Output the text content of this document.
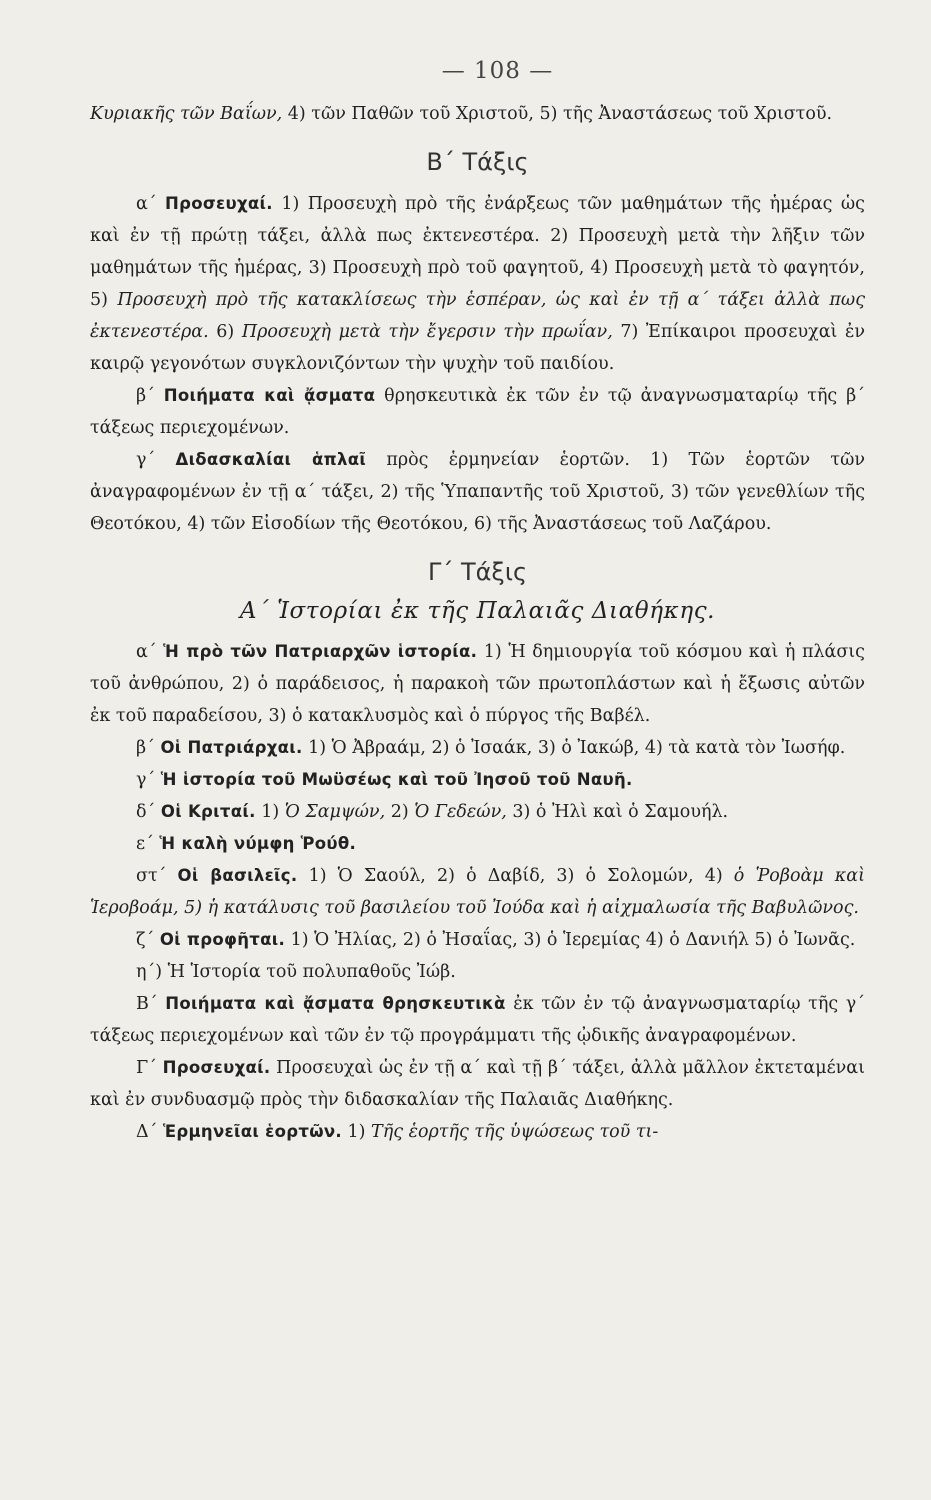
— 108 —

Κυριακῆς τῶν Βαΐων, 4) τῶν Παθῶν τοῦ Χριστοῦ, 5) τῆς Ἀναστάσεως τοῦ Χριστοῦ.

Β΄ Τάξις

α΄ Προσευχαί. 1) Προσευχὴ πρὸ τῆς ἐνάρξεως τῶν μαθημάτων τῆς ἡμέρας ὡς καὶ ἐν τῇ πρώτῃ τάξει, ἀλλὰ πως ἐκτενεστέρα. 2) Προσευχὴ μετὰ τὴν λῆξιν τῶν μαθημάτων τῆς ἡμέρας, 3) Προσευχὴ πρὸ τοῦ φαγητοῦ, 4) Προσευχὴ μετὰ τὸ φαγητόν, 5) Προσευχὴ πρὸ τῆς κατακλίσεως τὴν ἑσπέραν, ὡς καὶ ἐν τῇ α΄ τάξει ἀλλὰ πως ἐκτενεστέρα. 6) Προσευχὴ μετὰ τὴν ἔγερσιν τὴν πρωΐαν, 7) Ἐπίκαιροι προσευχαὶ ἐν καιρῷ γεγονότων συγκλονιζόντων τὴν ψυχὴν τοῦ παιδίου.

β΄ Ποιήματα καὶ ᾄσματα θρησκευτικὰ ἐκ τῶν ἐν τῷ ἀναγνωσματαρίῳ τῆς β΄ τάξεως περιεχομένων.

γ΄ Διδασκαλίαι ἁπλαῖ πρὸς ἑρμηνείαν ἑορτῶν. 1) Τῶν ἑορτῶν τῶν ἀναγραφομένων ἐν τῇ α΄ τάξει, 2) τῆς Ὑπαπαντῆς τοῦ Χριστοῦ, 3) τῶν γενεθλίων τῆς Θεοτόκου, 4) τῶν Εἰσοδίων τῆς Θεοτόκου, 6) τῆς Ἀναστάσεως τοῦ Λαζάρου.

Γ΄ Τάξις
Α΄ Ἱστορίαι ἐκ τῆς Παλαιᾶς Διαθήκης.

α΄ Ἡ πρὸ τῶν Πατριαρχῶν ἱστορία. 1) Ἡ δημιουργία τοῦ κόσμου καὶ ἡ πλάσις τοῦ ἀνθρώπου, 2) ὁ παράδεισος, ἡ παρακοὴ τῶν πρωτοπλάστων καὶ ἡ ἔξωσις αὐτῶν ἐκ τοῦ παραδείσου, 3) ὁ κατακλυσμὸς καὶ ὁ πύργος τῆς Βαβέλ.

β΄ Οἱ Πατριάρχαι. 1) Ὁ Ἀβραάμ, 2) ὁ Ἰσαάκ, 3) ὁ Ἰακώβ, 4) τὰ κατὰ τὸν Ἰωσήφ.

γ΄ Ἡ ἱστορία τοῦ Μωϋσέως καὶ τοῦ Ἰησοῦ τοῦ Ναυῆ.

δ΄ Οἱ Κριταί. 1) Ὁ Σαμψών, 2) Ὁ Γεδεών, 3) ὁ Ἠλὶ καὶ ὁ Σαμουήλ.

ε΄ Ἡ καλὴ νύμφη Ῥούθ.

στ΄ Οἱ βασιλεῖς. 1) Ὁ Σαούλ, 2) ὁ Δαβίδ, 3) ὁ Σολομών, 4) ὁ Ῥοβοὰμ καὶ Ἱεροβοάμ, 5) ἡ κατάλυσις τοῦ βασιλείου τοῦ Ἰούδα καὶ ἡ αἰχμαλωσία τῆς Βαβυλῶνος.

ζ΄ Οἱ προφῆται. 1) Ὁ Ἠλίας, 2) ὁ Ἠσαΐας, 3) ὁ Ἱερεμίας 4) ὁ Δανιήλ 5) ὁ Ἰωνᾶς.

η΄) Ἡ Ἱστορία τοῦ πολυπαθοῦς Ἰώβ.

Β΄ Ποιήματα καὶ ᾄσματα θρησκευτικὰ ἐκ τῶν ἐν τῷ ἀναγνωσματαρίῳ τῆς γ΄ τάξεως περιεχομένων καὶ τῶν ἐν τῷ προγράμματι τῆς ᾠδικῆς ἀναγραφομένων.

Γ΄ Προσευχαί. Προσευχαὶ ὡς ἐν τῇ α΄ καὶ τῇ β΄ τάξει, ἀλλὰ μᾶλλον ἐκτεταμέναι καὶ ἐν συνδυασμῷ πρὸς τὴν διδασκαλίαν τῆς Παλαιᾶς Διαθήκης.

Δ΄ Ἑρμηνεῖαι ἑορτῶν. 1) Τῆς ἑορτῆς τῆς ὑψώσεως τοῦ τι-
